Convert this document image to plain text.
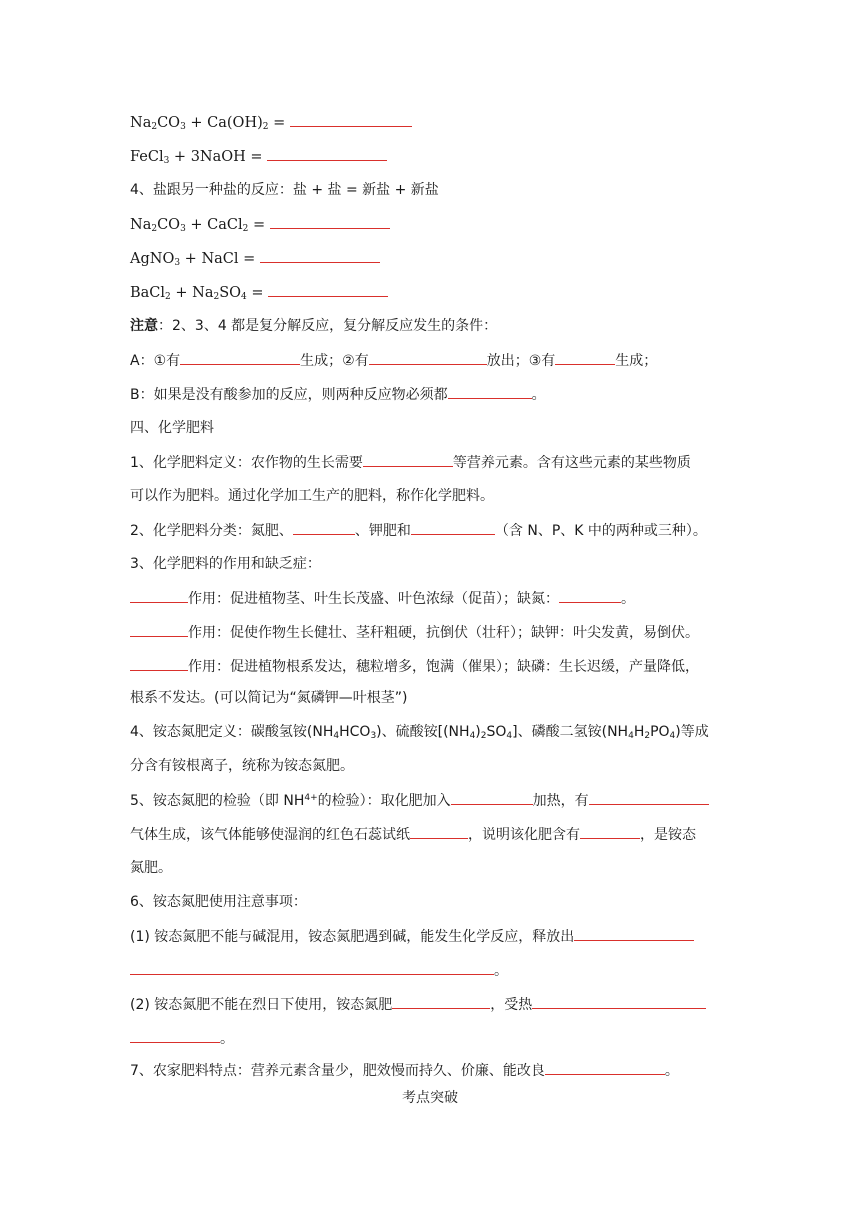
$Na_2CO_3 + Ca(OH)_2$ =
FeCl$_3$ + 3NaOH =
4、盐跟另一种盐的反应：盐 + 盐 = 新盐 + 新盐
$Na_2CO_3$ + CaCl$_2$ =
AgNO$_3$ + NaCl =
BaCl$_2$ + $Na_2SO_4$ =
注意：2、3、4 都是复分解反应，复分解反应发生的条件：
A：①有	生成；②有	放出；③有	生成；
B：如果是没有酸参加的反应，则两种反应物必须都	。
四、化学肥料
1、化学肥料定义：农作物的生长需要	等营养元素。含有这些元素的某些物质
可以作为肥料。通过化学加工生产的肥料，称作化学肥料。
2、化学肥料分类：氮肥、	、钾肥和	（含 N、P、K 中的两种或三种）。
3、化学肥料的作用和缺乏症：
作用：促进植物茎、叶生长茂盛、叶色浓绿（促苗）；缺氮：	。
作用：促使作物生长健壮、茎秆粗硬，抗倒伏（壮秆）；缺钾：叶尖发黄，易倒伏。
作用：促进植物根系发达，穗粒增多，饱满（催果）；缺磷：生长迟缓，产量降低，
根系不发达。(可以简记为“氮磷钾—叶根茎”)
4、铵态氮肥定义：碳酸氢铵$(NH_4HCO_3)$、硫酸铵$[(NH_4)_2SO_4]$、磷酸二氢铵$(NH_4H_2PO_4)$等成
分含有铵根离子，统称为铵态氮肥。
5、铵态氮肥的检验（即 $NH^{4+}$的检验）：取化肥加入	加热，有
气体生成，该气体能够使湿润的红色石蕊试纸	，说明该化肥含有	，是铵态
氮肥。
6、铵态氮肥使用注意事项：
(1) 铵态氮肥不能与碱混用，铵态氮肥遇到碱，能发生化学反应，释放出
。
(2) 铵态氮肥不能在烈日下使用，铵态氮肥	，受热
。
7、农家肥料特点：营养元素含量少，肥效慢而持久、价廉、能改良	。
考点突破
